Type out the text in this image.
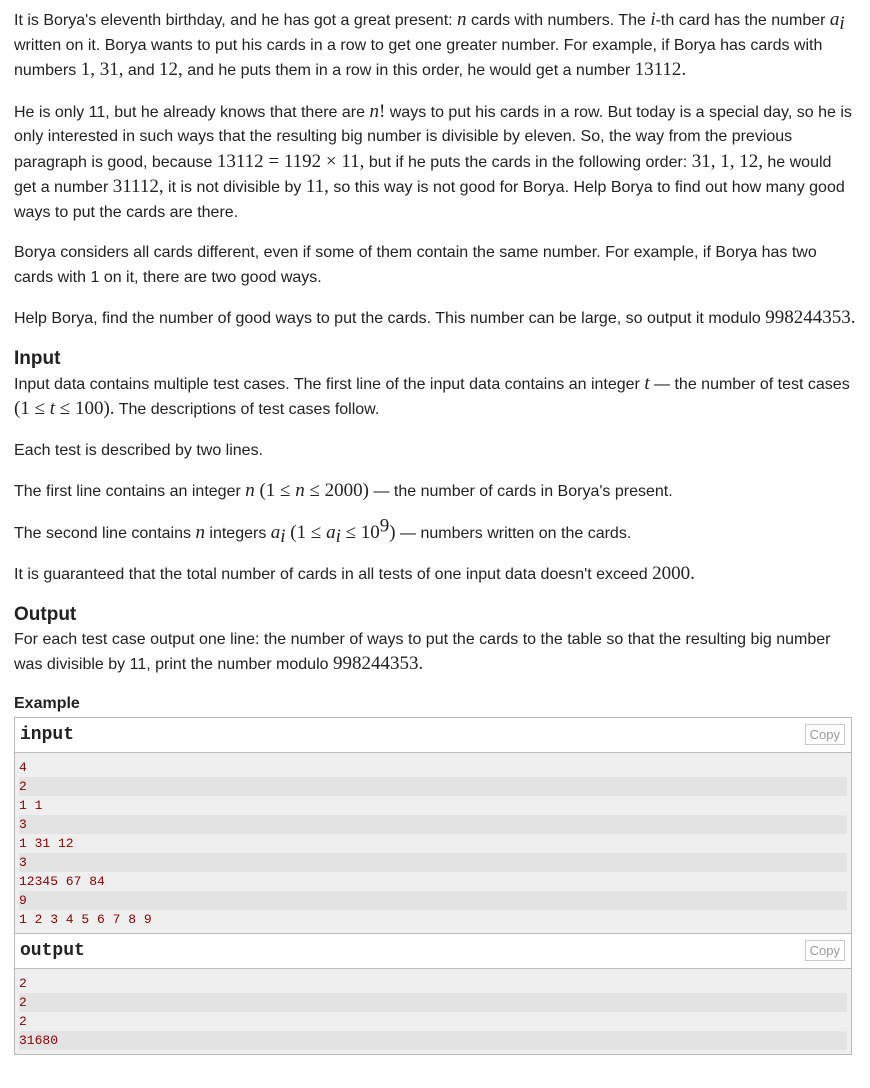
It is Borya's eleventh birthday, and he has got a great present: n cards with numbers. The i-th card has the number $a_i$ written on it. Borya wants to put his cards in a row to get one greater number. For example, if Borya has cards with numbers 1, 31, and 12, and he puts them in a row in this order, he would get a number 13112.

He is only 11, but he already knows that there are n! ways to put his cards in a row. But today is a special day, so he is only interested in such ways that the resulting big number is divisible by eleven. So, the way from the previous paragraph is good, because 13112 = 1192 × 11, but if he puts the cards in the following order: 31, 1, 12, he would get a number 31112, it is not divisible by 11, so this way is not good for Borya. Help Borya to find out how many good ways to put the cards are there.

Borya considers all cards different, even if some of them contain the same number. For example, if Borya has two cards with 1 on it, there are two good ways.

Help Borya, find the number of good ways to put the cards. This number can be large, so output it modulo 998244353.

Input

Input data contains multiple test cases. The first line of the input data contains an integer t — the number of test cases (1 ≤ t ≤ 100). The descriptions of test cases follow.

Each test is described by two lines.

The first line contains an integer n (1 ≤ n ≤ 2000) — the number of cards in Borya's present.

The second line contains n integers $a_i$ $(1 \le a_i \le 10^9)$ — numbers written on the cards.

It is guaranteed that the total number of cards in all tests of one input data doesn't exceed 2000.

Output

For each test case output one line: the number of ways to put the cards to the table so that the resulting big number was divisible by 11, print the number modulo 998244353.

Example
input	Copy
4
2
1 1
3
1 31 12
3
12345 67 84
9
1 2 3 4 5 6 7 8 9
output	Copy
2
2
2
31680
